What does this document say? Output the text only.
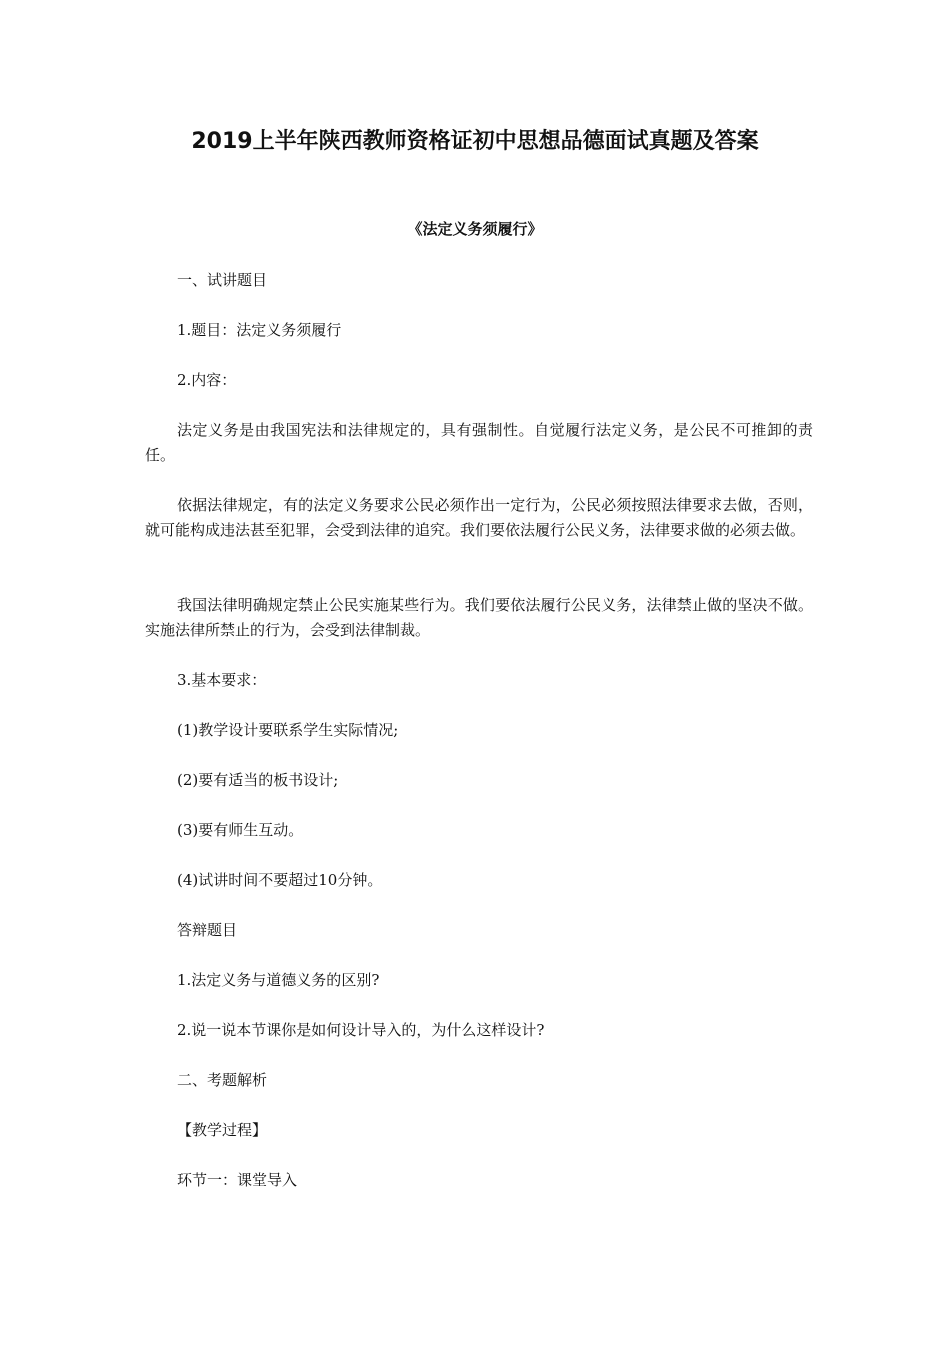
2019上半年陕西教师资格证初中思想品德面试真题及答案

《法定义务须履行》

一、试讲题目

1.题目：法定义务须履行

2.内容：

法定义务是由我国宪法和法律规定的，具有强制性。自觉履行法定义务，是公民不可推卸的责任。

依据法律规定，有的法定义务要求公民必须作出一定行为，公民必须按照法律要求去做，否则，就可能构成违法甚至犯罪，会受到法律的追究。我们要依法履行公民义务，法律要求做的必须去做。

我国法律明确规定禁止公民实施某些行为。我们要依法履行公民义务，法律禁止做的坚决不做。实施法律所禁止的行为，会受到法律制裁。

3.基本要求：

(1)教学设计要联系学生实际情况;

(2)要有适当的板书设计;

(3)要有师生互动。

(4)试讲时间不要超过10分钟。

答辩题目

1.法定义务与道德义务的区别?

2.说一说本节课你是如何设计导入的，为什么这样设计?

二、考题解析

【教学过程】

环节一：课堂导入
